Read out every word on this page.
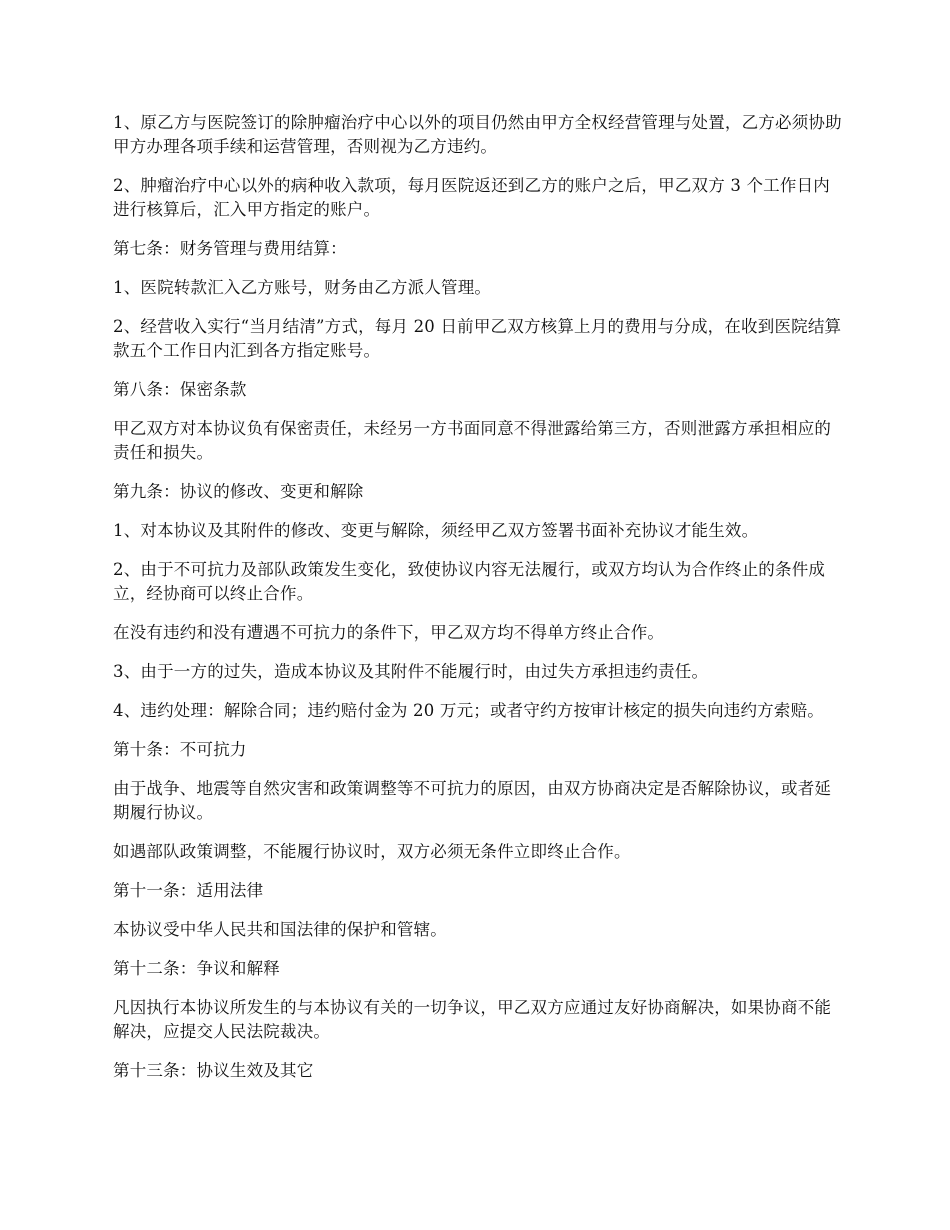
1、原乙方与医院签订的除肿瘤治疗中心以外的项目仍然由甲方全权经营管理与处置，乙方必须协助甲方办理各项手续和运营管理，否则视为乙方违约。

2、肿瘤治疗中心以外的病种收入款项，每月医院返还到乙方的账户之后，甲乙双方 3 个工作日内进行核算后，汇入甲方指定的账户。

第七条：财务管理与费用结算：

1、医院转款汇入乙方账号，财务由乙方派人管理。

2、经营收入实行“当月结清”方式，每月 20 日前甲乙双方核算上月的费用与分成，在收到医院结算款五个工作日内汇到各方指定账号。

第八条：保密条款

甲乙双方对本协议负有保密责任，未经另一方书面同意不得泄露给第三方，否则泄露方承担相应的责任和损失。

第九条：协议的修改、变更和解除

1、对本协议及其附件的修改、变更与解除，须经甲乙双方签署书面补充协议才能生效。

2、由于不可抗力及部队政策发生变化，致使协议内容无法履行，或双方均认为合作终止的条件成立，经协商可以终止合作。

在没有违约和没有遭遇不可抗力的条件下，甲乙双方均不得单方终止合作。

3、由于一方的过失，造成本协议及其附件不能履行时，由过失方承担违约责任。

4、违约处理：解除合同；违约赔付金为 20 万元；或者守约方按审计核定的损失向违约方索赔。

第十条：不可抗力

由于战争、地震等自然灾害和政策调整等不可抗力的原因，由双方协商决定是否解除协议，或者延期履行协议。

如遇部队政策调整，不能履行协议时，双方必须无条件立即终止合作。

第十一条：适用法律

本协议受中华人民共和国法律的保护和管辖。

第十二条：争议和解释

凡因执行本协议所发生的与本协议有关的一切争议，甲乙双方应通过友好协商解决，如果协商不能解决，应提交人民法院裁决。

第十三条：协议生效及其它
